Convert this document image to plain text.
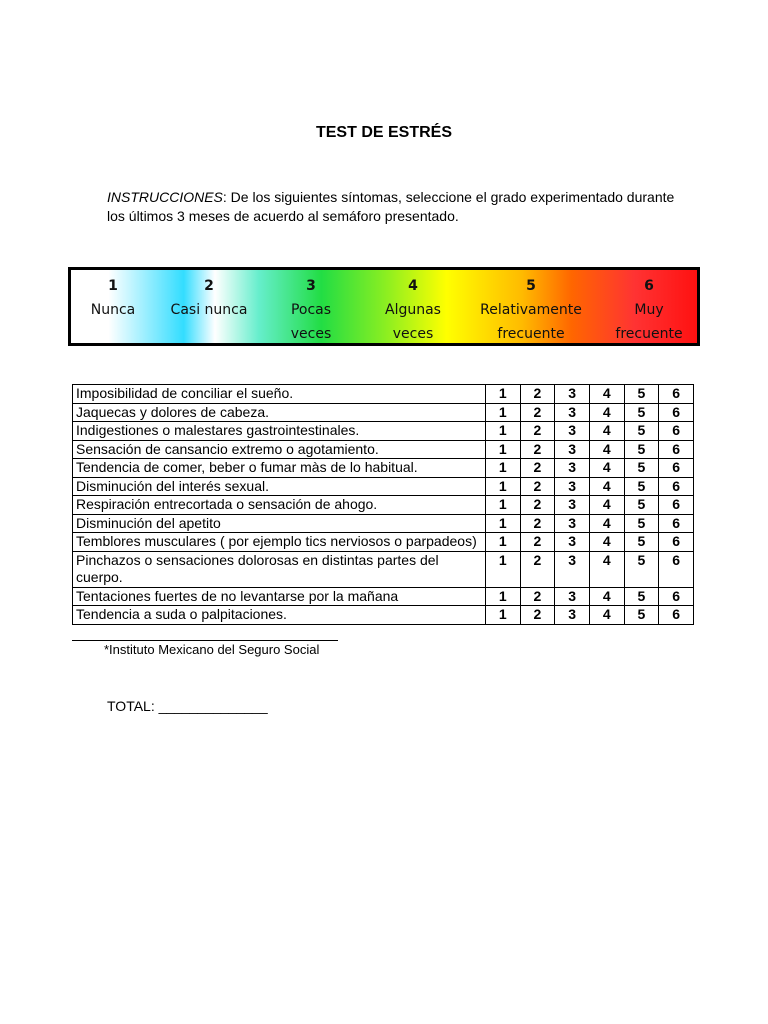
TEST DE ESTRÉS
INSTRUCCIONES: De los siguientes síntomas, seleccione el grado experimentado durante los últimos 3 meses de acuerdo al semáforo presentado.
1
Nunca
2
Casi nunca
3
Pocas
veces
4
Algunas
veces
5
Relativamente
frecuente
6
Muy
frecuente
Imposibilidad de conciliar el sueño.	1	2	3	4	5	6
Jaquecas y dolores de cabeza.	1	2	3	4	5	6
Indigestiones o malestares gastrointestinales.	1	2	3	4	5	6
Sensación de cansancio extremo o agotamiento.	1	2	3	4	5	6
Tendencia de comer, beber o fumar màs de lo habitual.	1	2	3	4	5	6
Disminución del interés sexual.	1	2	3	4	5	6
Respiración entrecortada o sensación de ahogo.	1	2	3	4	5	6
Disminución del apetito	1	2	3	4	5	6
Temblores musculares ( por ejemplo tics nerviosos o parpadeos)	1	2	3	4	5	6
Pinchazos o sensaciones dolorosas en distintas partes del cuerpo.	1	2	3	4	5	6
Tentaciones fuertes de no levantarse por la mañana	1	2	3	4	5	6
Tendencia a suda o palpitaciones.	1	2	3	4	5	6
*Instituto Mexicano del Seguro Social
TOTAL: ______________
